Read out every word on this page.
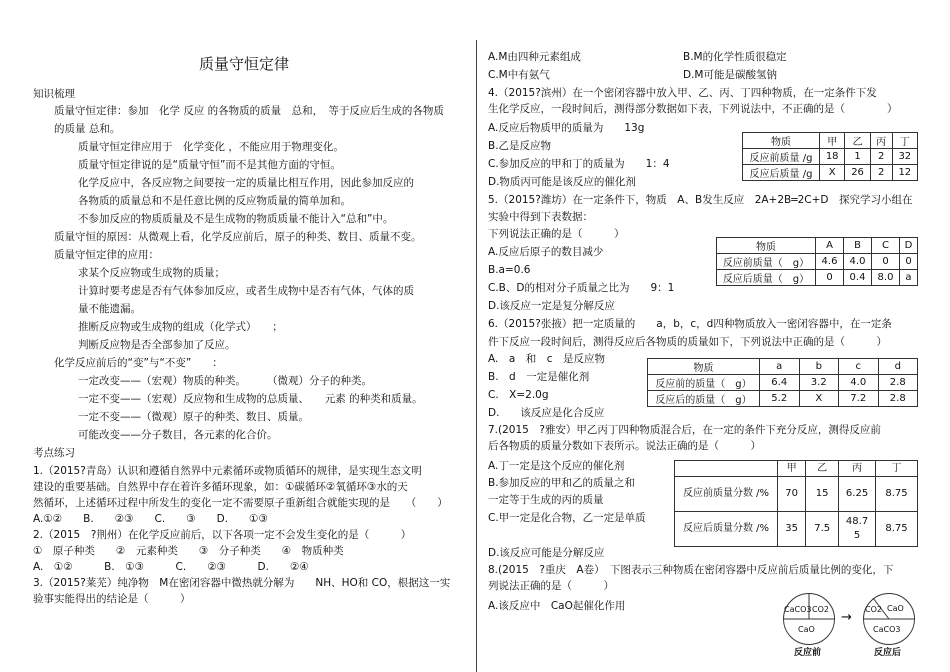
质量守恒定律
知识梳理
质量守恒定律：参加　化学 反应 的各物质的质量　总和，　等于反应后生成的各物质
的质量 总和。
质量守恒定律应用于　化学变化 ，不能应用于物理变化。
质量守恒定律说的是“质量守恒”而不是其他方面的守恒。
化学反应中，各反应物之间要按一定的质量比相互作用，因此参加反应的
各物质的质量总和不是任意比例的反应物质量的简单加和。
不参加反应的物质质量及不是生成物的物质质量不能计入“总和”中。
质量守恒的原因：从微观上看，化学反应前后，原子的种类、数目、质量不变。
质量守恒定律的应用：
求某个反应物或生成物的质量；
计算时要考虑是否有气体参加反应，或者生成物中是否有气体，气体的质
量不能遗漏。
推断反应物或生成物的组成（化学式）　　；
判断反应物是否全部参加了反应。
化学反应前后的“变”与“不变”　　：
一定改变——（宏观）物质的种类。　　　（微观）分子的种类。
一定不变——（宏观）反应物和生成物的总质量、　　元素 的种类和质量。
一定不变——（微观）原子的种类、数目、质量。
可能改变——分子数目，各元素的化合价。
考点练习
1.（2015?青岛）认识和遵循自然界中元素循环或物质循环的规律，是实现生态文明
建设的重要基础。自然界中存在着许多循环现象，如：①碳循环②氧循环③水的天
然循环，上述循环过程中所发生的变化一定不需要原子重新组合就能实现的是　　（　　）
A.①②　　B.　　②③　　C.　　③　　D.　　①③
2.（2015　?荆州）在化学反应前后，以下各项一定不会发生变化的是（　　　）
①　原子种类　　②　元素种类　　③　分子种类　　④　物质种类
A.　①②　　　B.　①③　　　C.　　②③　　　D.　　②④
3.（2015?莱芜）纯净物　M在密闭容器中微热就分解为　　NH、HO和 CO，根据这一实
验事实能得出的结论是（　　　）
A.M由四种元素组成	B.M的化学性质很稳定
C.M中有氨气	D.M可能是碳酸氢钠
4.（2015?滨州）在一个密闭容器中放入甲、乙、丙、丁四种物质，在一定条件下发
生化学反应，一段时间后，测得部分数据如下表，下列说法中，不正确的是（　　　　）
A.反应后物质甲的质量为　　13g
B.乙是反应物
C.参加反应的甲和丁的质量为　　1：4
D.物质丙可能是该反应的催化剂
物质	甲	乙	丙	丁
反应前质量 /g	18	1	2	32
反应后质量 /g	X	26	2	12
5.（2015?潍坊）在一定条件下，物质　A、B发生反应　2A+2B═2C+D　探究学习小组在
实验中得到下表数据：
下列说法正确的是（　　　）
A.反应后原子的数目减少
B.a=0.6
C.B、D的相对分子质量之比为　　9：1
D.该反应一定是复分解反应
物质	A	B	C	D
反应前质量（　g）	4.6	4.0	0	0
反应后质量（　g）	0	0.4	8.0	a
6.（2015?张掖）把一定质量的　　a，b，c，d四种物质放入一密闭容器中，在一定条
件下反应一段时间后，测得反应后各物质的质量如下，下列说法中正确的是（　　　）
A.　a　和　c　是反应物
B.　d　一定是催化剂
C.　X=2.0g
D.　　该反应是化合反应
物质	a	b	c	d
反应前的质量（　g）	6.4	3.2	4.0	2.8
反应后的质量（　g）	5.2	X	7.2	2.8
7.(2015　?雅安）甲乙丙丁四种物质混合后，在一定的条件下充分反应，测得反应前
后各物质的质量分数如下表所示。说法正确的是（　　　）
A.丁一定是这个反应的催化剂
B.参加反应的甲和乙的质量之和
一定等于生成的丙的质量
C.甲一定是化合物，乙一定是单质
D.该反应可能是分解反应
	甲	乙	丙	丁
反应前质量分数 /%	70	15	6.25	8.75
反应后质量分数 /%	35	7.5	48.7 5	8.75
8.(2015　?重庆　A卷）　下图表示三种物质在密闭容器中反应前后质量比例的变化，下
列说法正确的是（　　　）
A.该反应中　CaO起催化作用	CaCO3 CO2
CaO
反应前
→
CO2 CaO
CaCO3
反应后
